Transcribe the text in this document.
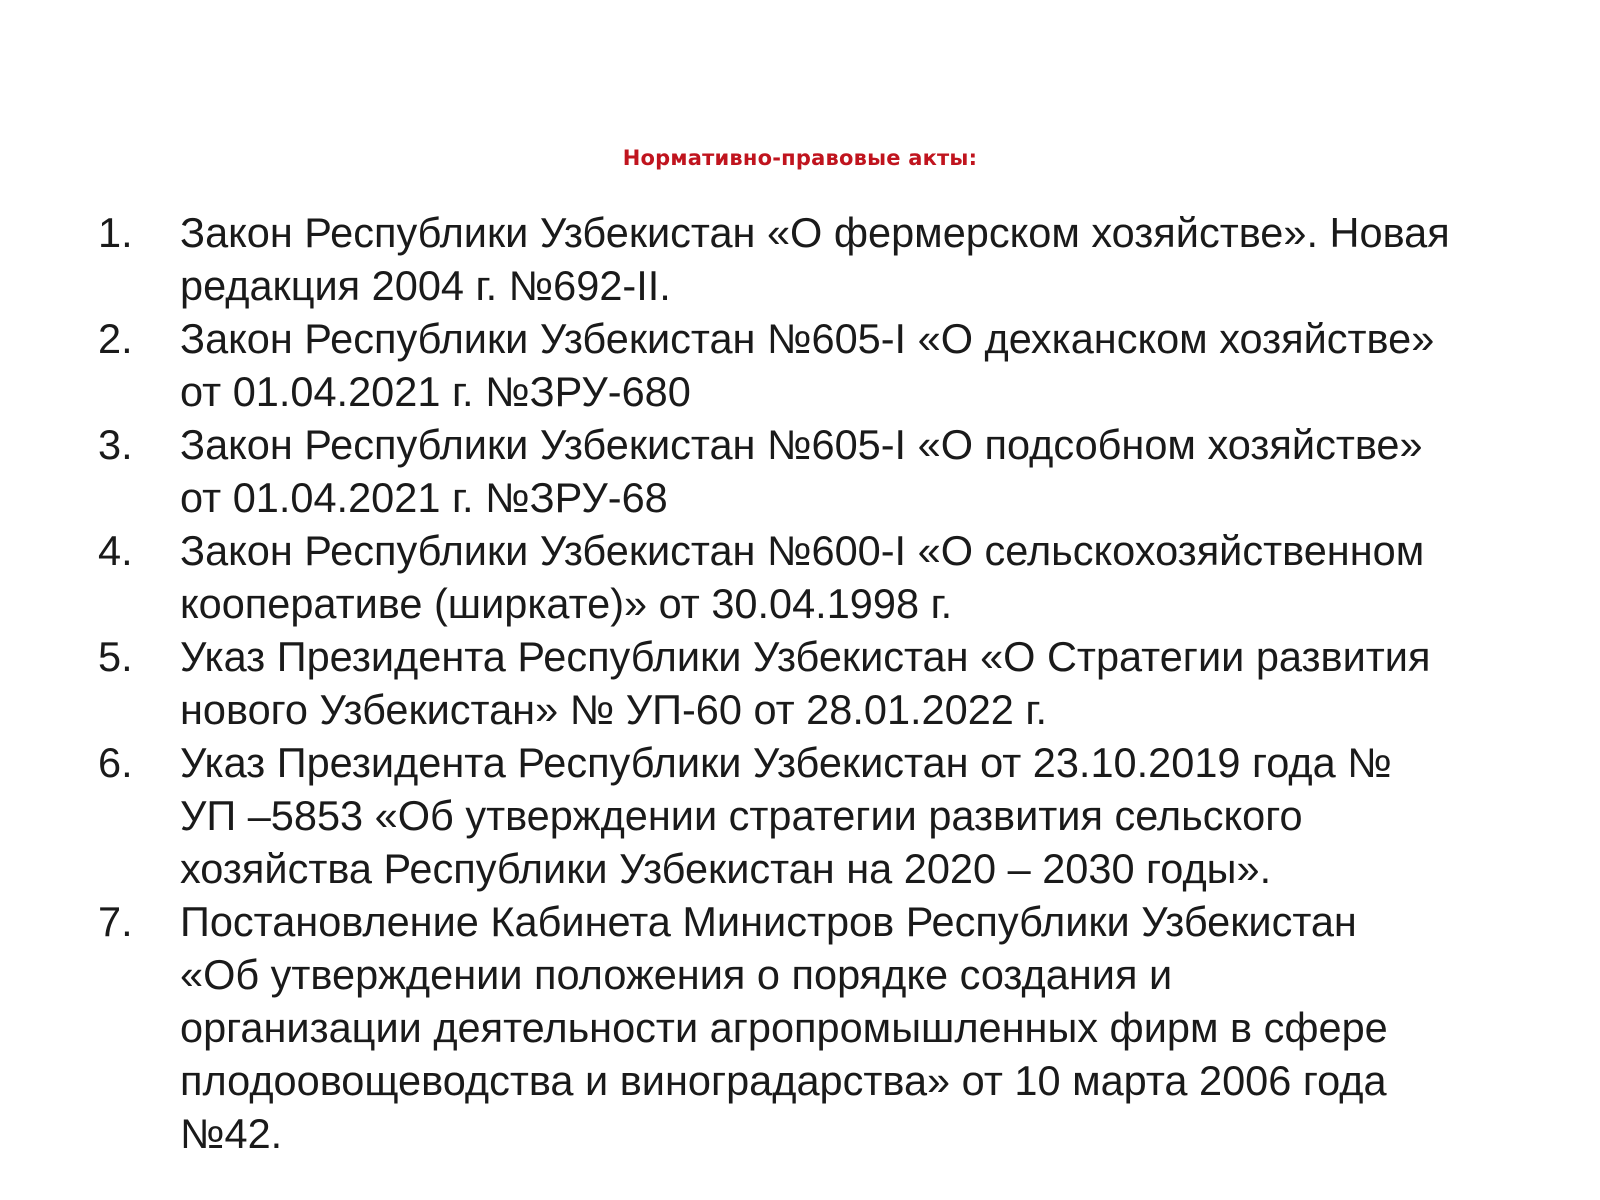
Нормативно-правовые акты:
1.	Закон Республики Узбекистан «О фермерском хозяйстве». Новая
редакция 2004 г. №692-II.
2.	Закон Республики Узбекистан №605-I «О дехканском хозяйстве»
от 01.04.2021 г. №ЗРУ-680
3.	Закон Республики Узбекистан №605-I «О подсобном хозяйстве»
от 01.04.2021 г. №ЗРУ-68
4.	Закон Республики Узбекистан №600-I «О сельскохозяйственном
кооперативе (ширкате)» от 30.04.1998 г.
5.	Указ Президента Республики Узбекистан «О Стратегии развития
нового Узбекистан» № УП-60 от 28.01.2022 г.
6.	Указ Президента Республики Узбекистан от 23.10.2019 года №
УП –5853 «Об утверждении стратегии развития сельского
хозяйства Республики Узбекистан на 2020 – 2030 годы».
7.	Постановление Кабинета Министров Республики Узбекистан
«Об утверждении положения о порядке создания и
организации деятельности агропромышленных фирм в сфере
плодоовощеводства и виноградарства» от 10 марта 2006 года
№42.
